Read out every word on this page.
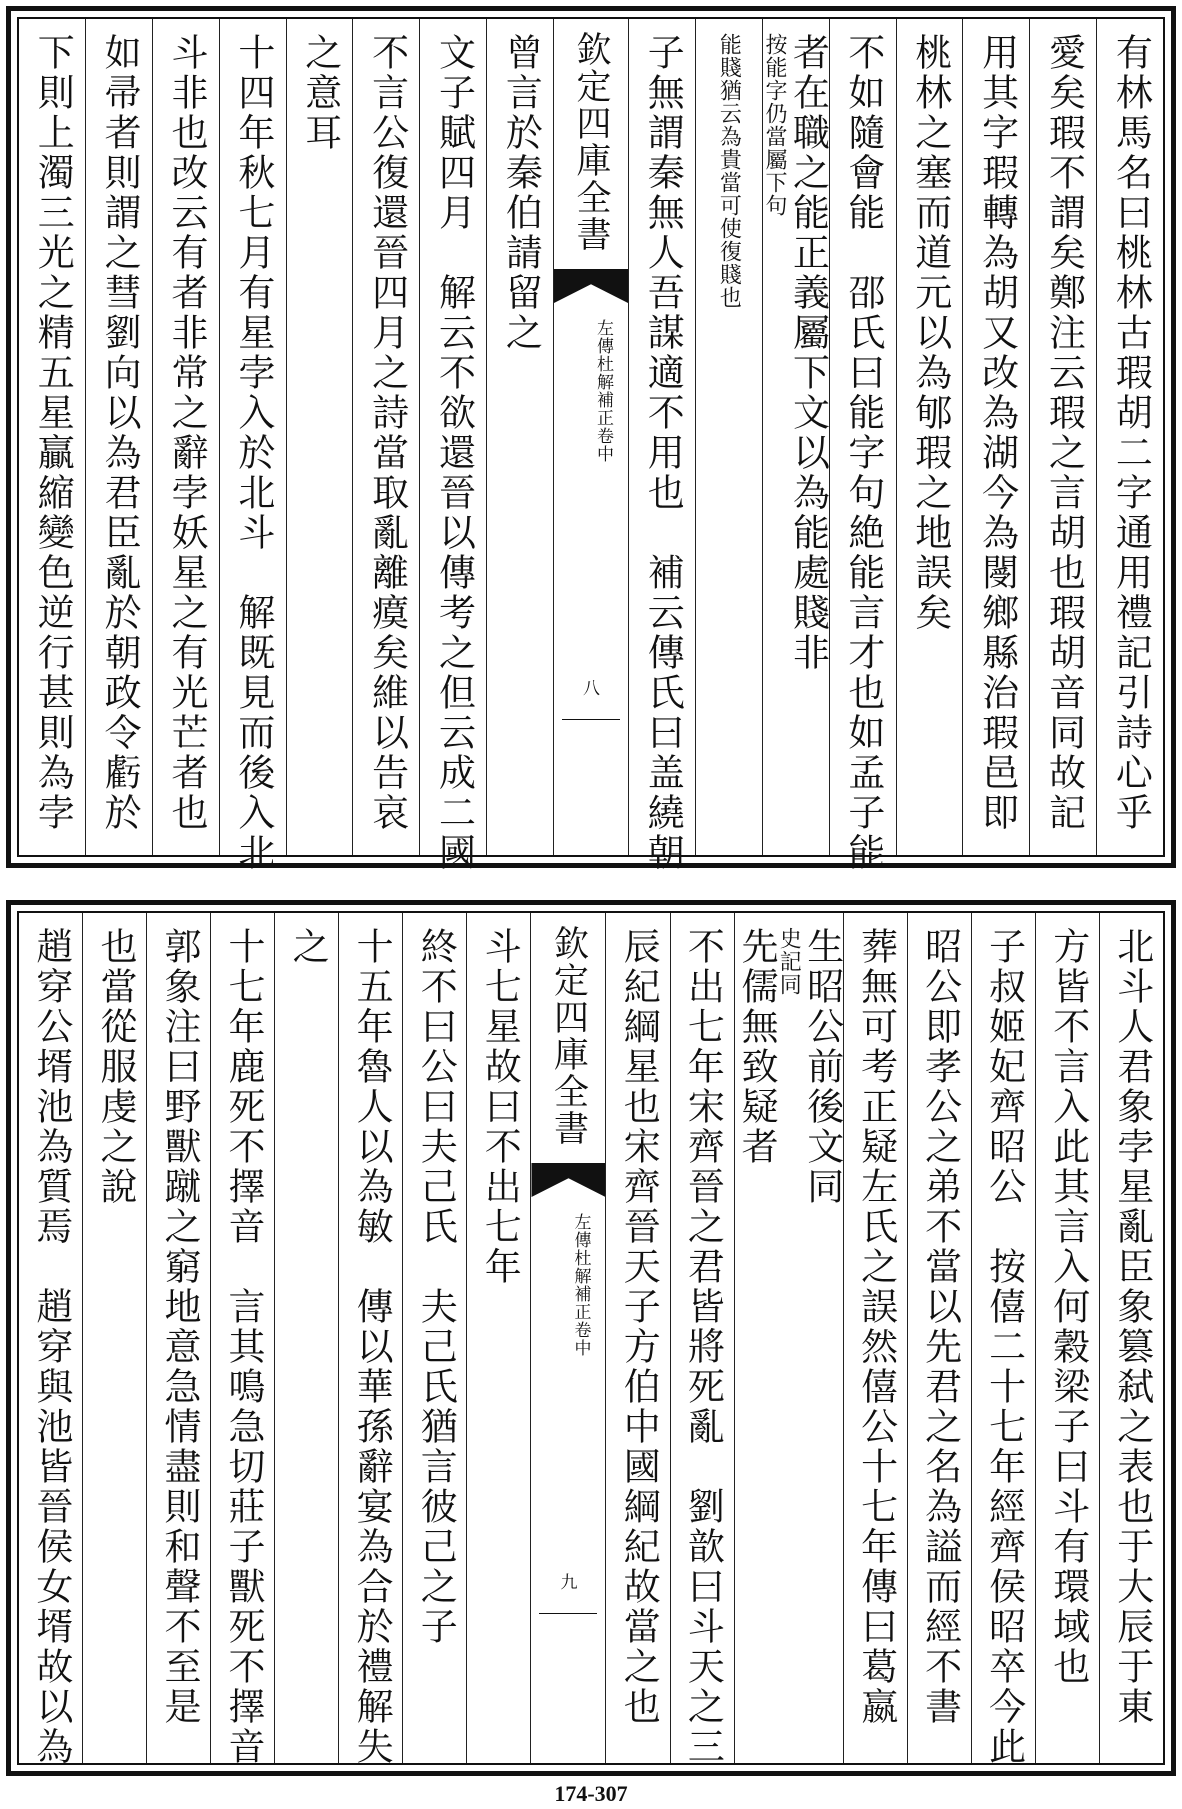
有林馬名曰桃林古瑕胡二字通用禮記引詩心乎
愛矣瑕不謂矣鄭注云瑕之言胡也瑕胡音同故記
用其字瑕轉為胡又改為湖今為閿鄉縣治瑕邑即
桃林之塞而道元以為郇瑕之地誤矣
不如隨會能　邵氏曰能字句絶能言才也如孟子能
者在職之能正義屬下文以為能處賤非
按能字仍當屬下句
能賤猶云為貴當可使復賤也
子無謂秦無人吾謀適不用也　補云傳氏曰盖繞朝
欽定四庫全書
左傳杜解補正卷中
八
曾言於秦伯請留之
文子賦四月　解云不欲還晉以傳考之但云成二國
不言公復還晉四月之詩當取亂離瘼矣維以告哀
之意耳
十四年秋七月有星孛入於北斗　解既見而後入北
斗非也改云有者非常之辭孛妖星之有光芒者也
如帚者則謂之彗劉向以為君臣亂於朝政令虧於
下則上濁三光之精五星贏縮變色逆行甚則為孛
北斗人君象孛星亂臣象篡弑之表也于大辰于東
方皆不言入此其言入何穀梁子曰斗有環域也
子叔姬妃齊昭公　按僖二十七年經齊侯昭卒今此
昭公即孝公之弟不當以先君之名為謚而經不書
葬無可考正疑左氏之誤然僖公十七年傳曰葛嬴
生昭公前後文同
史記同
先儒無致疑者
不出七年宋齊晉之君皆將死亂　劉歆曰斗天之三
辰紀綱星也宋齊晉天子方伯中國綱紀故當之也
欽定四庫全書
左傳杜解補正卷中
九
斗七星故曰不出七年
終不曰公曰夫己氏　夫己氏猶言彼己之子
十五年魯人以為敏　傳以華孫辭宴為合於禮解失
之
十七年鹿死不擇音　言其鳴急切莊子獸死不擇音
郭象注曰野獸蹴之窮地意急情盡則和聲不至是
也當從服虔之說
趙穿公壻池為質焉　趙穿與池皆晉侯女壻故以為
174-307
